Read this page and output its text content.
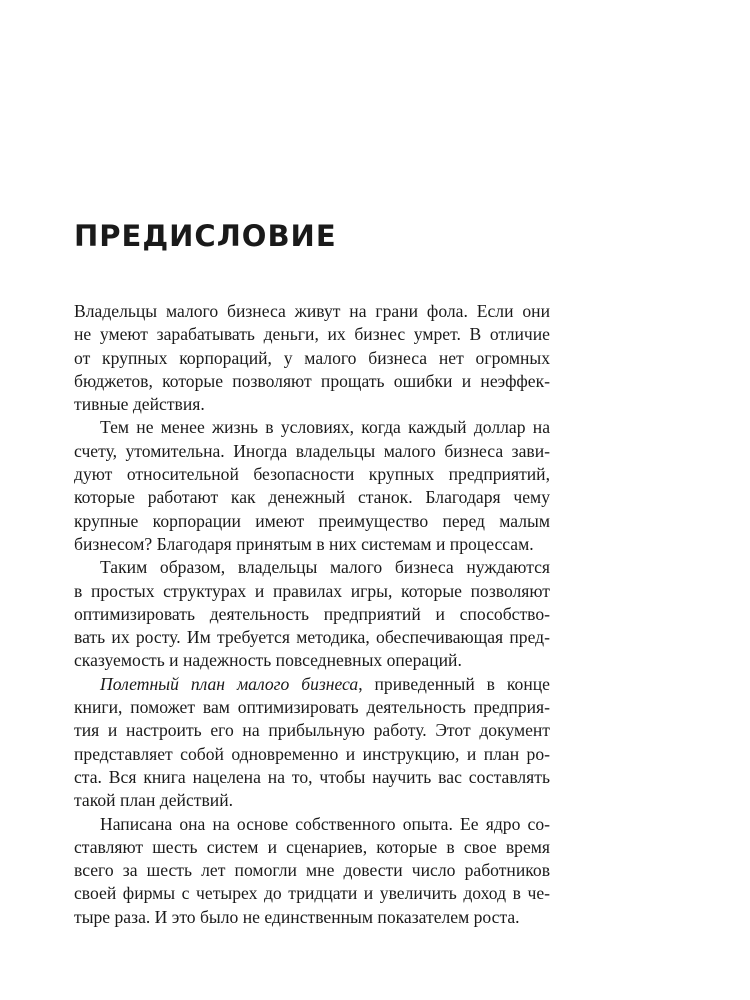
ПРЕДИСЛОВИЕ
Владельцы малого бизнеса живут на грани фола. Если они
не умеют зарабатывать деньги, их бизнес умрет. В отличие
от крупных корпораций, у малого бизнеса нет огромных
бюджетов, которые позволяют прощать ошибки и неэффек-
тивные действия.
Тем не менее жизнь в условиях, когда каждый доллар на
счету, утомительна. Иногда владельцы малого бизнеса зави-
дуют относительной безопасности крупных предприятий,
которые работают как денежный станок. Благодаря чему
крупные корпорации имеют преимущество перед малым
бизнесом? Благодаря принятым в них системам и процессам.
Таким образом, владельцы малого бизнеса нуждаются
в простых структурах и правилах игры, которые позволяют
оптимизировать деятельность предприятий и способство-
вать их росту. Им требуется методика, обеспечивающая пред-
сказуемость и надежность повседневных операций.
Полетный план малого бизнеса, приведенный в конце
книги, поможет вам оптимизировать деятельность предприя-
тия и настроить его на прибыльную работу. Этот документ
представляет собой одновременно и инструкцию, и план ро-
ста. Вся книга нацелена на то, чтобы научить вас составлять
такой план действий.
Написана она на основе собственного опыта. Ее ядро со-
ставляют шесть систем и сценариев, которые в свое время
всего за шесть лет помогли мне довести число работников
своей фирмы с четырех до тридцати и увеличить доход в че-
тыре раза. И это было не единственным показателем роста.
